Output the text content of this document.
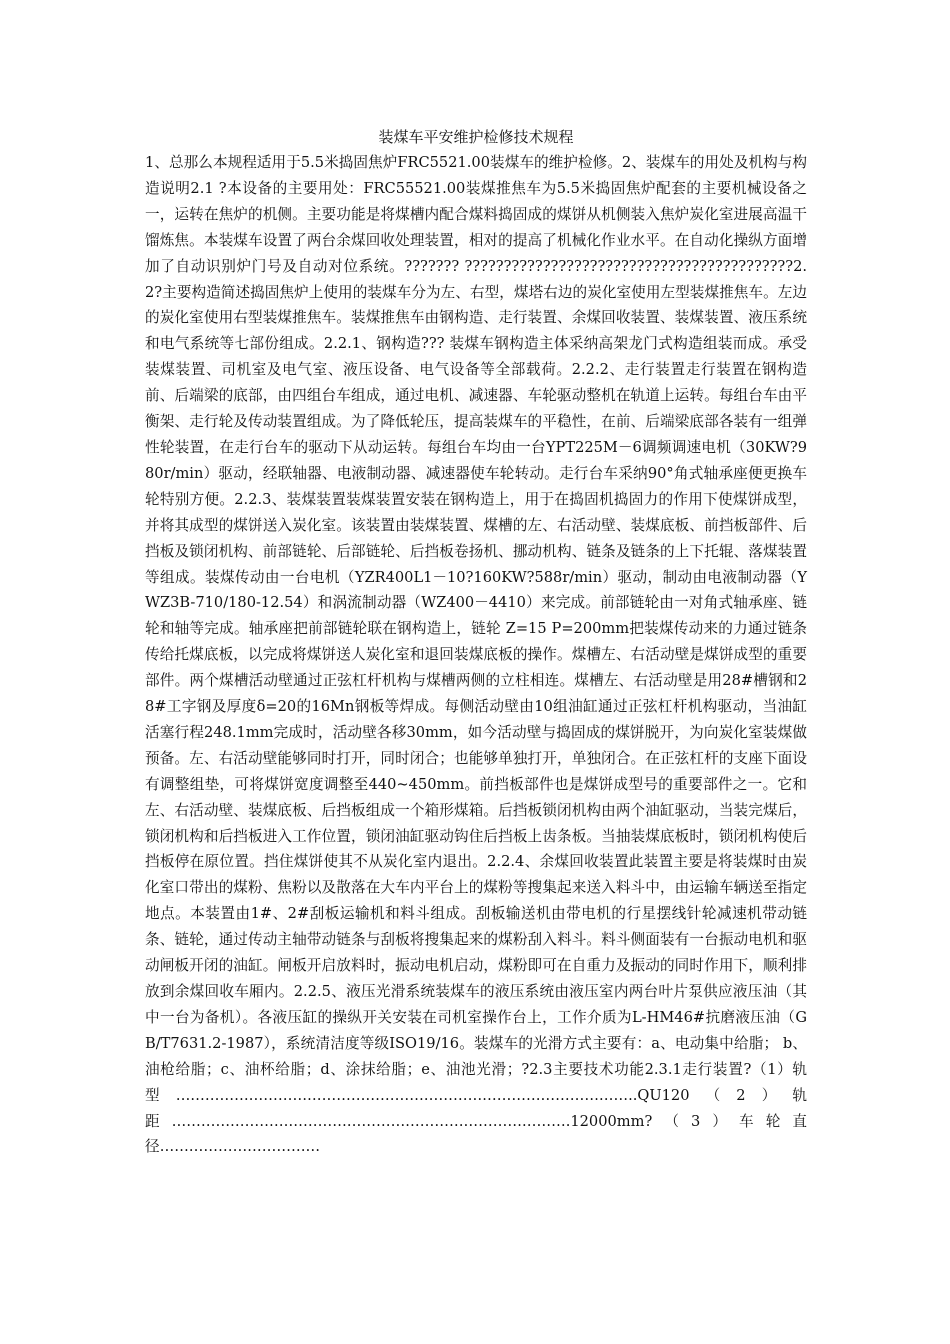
装煤车平安维护检修技术规程

1、总那么本规程适用于5.5米捣固焦炉FRC5521.00装煤车的维护检修。2、装煤车的用处及机构与构造说明2.1 ?本设备的主要用处：FRC55521.00装煤推焦车为5.5米捣固焦炉配套的主要机械设备之一，运转在焦炉的机侧。主要功能是将煤槽内配合煤料捣固成的煤饼从机侧装入焦炉炭化室进展高温干馏炼焦。本装煤车设置了两台余煤回收处理装置，相对的提高了机械化作业水平。在自动化操纵方面增加了自动识别炉门号及自动对位系统。??????? ??????????????????????????????????????????2.2?主要构造简述捣固焦炉上使用的装煤车分为左、右型，煤塔右边的炭化室使用左型装煤推焦车。左边的炭化室使用右型装煤推焦车。装煤推焦车由钢构造、走行装置、余煤回收装置、装煤装置、液压系统和电气系统等七部份组成。2.2.1、钢构造??? 装煤车钢构造主体采纳高架龙门式构造组装而成。承受装煤装置、司机室及电气室、液压设备、电气设备等全部载荷。2.2.2、走行装置走行装置在钢构造前、后端梁的底部，由四组台车组成，通过电机、减速器、车轮驱动整机在轨道上运转。每组台车由平衡架、走行轮及传动装置组成。为了降低轮压，提高装煤车的平稳性，在前、后端梁底部各装有一组弹性轮装置，在走行台车的驱动下从动运转。每组台车均由一台YPT225M－6调频调速电机（30KW?980r/min）驱动，经联轴器、电液制动器、减速器使车轮转动。走行台车采纳90°角式轴承座便更换车轮特别方便。2.2.3、装煤装置装煤装置安装在钢构造上，用于在捣固机捣固力的作用下使煤饼成型，并将其成型的煤饼送入炭化室。该装置由装煤装置、煤槽的左、右活动壁、装煤底板、前挡板部件、后挡板及锁闭机构、前部链轮、后部链轮、后挡板卷扬机、挪动机构、链条及链条的上下托辊、落煤装置等组成。装煤传动由一台电机（YZR400L1－10?160KW?588r/min）驱动，制动由电液制动器（YWZ3B-710/180-12.54）和涡流制动器（WZ400－4410）来完成。前部链轮由一对角式轴承座、链轮和轴等完成。轴承座把前部链轮联在钢构造上，链轮 Z=15 P=200mm把装煤传动来的力通过链条传给托煤底板，以完成将煤饼送人炭化室和退回装煤底板的操作。煤槽左、右活动壁是煤饼成型的重要部件。两个煤槽活动壁通过正弦杠杆机构与煤槽两侧的立柱相连。煤槽左、右活动壁是用28#槽钢和28#工字钢及厚度δ=20的16Mn钢板等焊成。每侧活动壁由10组油缸通过正弦杠杆机构驱动，当油缸活塞行程248.1mm完成时，活动壁各移30mm，如今活动壁与捣固成的煤饼脱开，为向炭化室装煤做预备。左、右活动壁能够同时打开，同时闭合；也能够单独打开，单独闭合。在正弦杠杆的支座下面设有调整组垫，可将煤饼宽度调整至440~450mm。前挡板部件也是煤饼成型号的重要部件之一。它和左、右活动壁、装煤底板、后挡板组成一个箱形煤箱。后挡板锁闭机构由两个油缸驱动，当装完煤后，锁闭机构和后挡板进入工作位置，锁闭油缸驱动钩住后挡板上齿条板。当抽装煤底板时，锁闭机构使后挡板停在原位置。挡住煤饼使其不从炭化室内退出。2.2.4、余煤回收装置此装置主要是将装煤时由炭化室口带出的煤粉、焦粉以及散落在大车内平台上的煤粉等搜集起来送入料斗中，由运输车辆送至指定地点。本装置由1#、2#刮板运输机和料斗组成。刮板输送机由带电机的行星摆线针轮减速机带动链条、链轮，通过传动主轴带动链条与刮板将搜集起来的煤粉刮入料斗。料斗侧面装有一台振动电机和驱动闸板开闭的油缸。闸板开启放料时，振动电机启动，煤粉即可在自重力及振动的同时作用下，顺利排放到余煤回收车厢内。2.2.5、液压光滑系统装煤车的液压系统由液压室内两台叶片泵供应液压油（其中一台为备机）。各液压缸的操纵开关安装在司机室操作台上，工作介质为L-HM46#抗磨液压油（GB/T7631.2-1987），系统清洁度等级ISO19/16。装煤车的光滑方式主要有：a、电动集中给脂； b、油枪给脂；c、油杯给脂；d、涂抹给脂；e、油池光滑；?2.3主要技术功能2.3.1走行装置?（1）轨型…………………………………………………………………………………..QU120（2）轨距……………………………………………………………………….12000mm?（3）车轮直径……………………………
